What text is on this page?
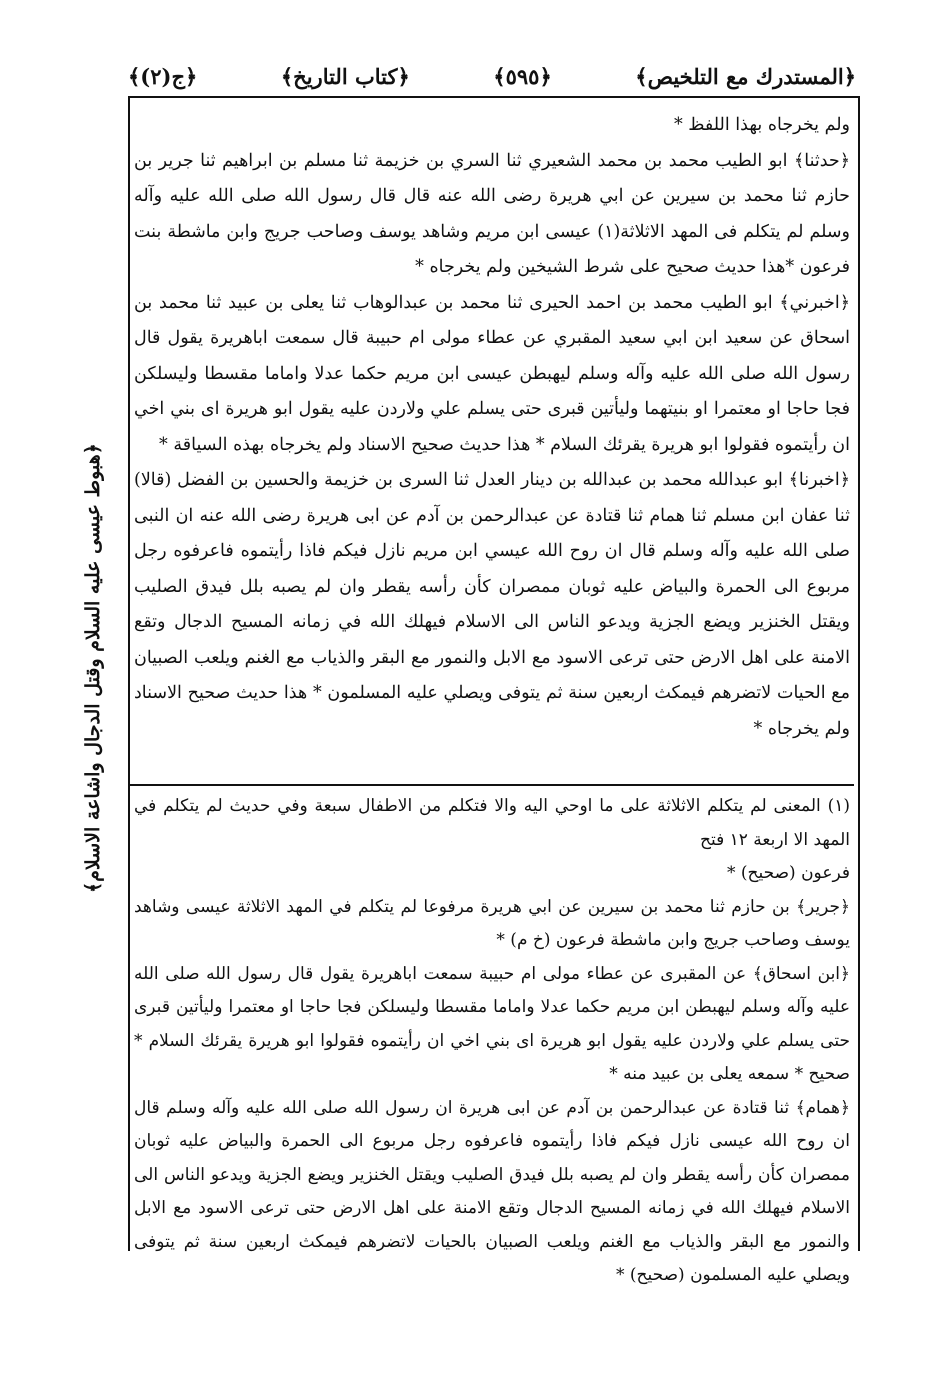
﴿المستدرك مع التلخيص﴾
﴿٥٩٥﴾
﴿كتاب التاريخ﴾
﴿ج(٢)﴾
﴿هبوط عيسى عليه السلام وقتل الدجال واشاعة الاسلام﴾

ولم يخرجاه بهذا اللفظ *

﴿حدثنا﴾ ابو الطيب محمد بن محمد الشعيري ثنا السري بن خزيمة ثنا مسلم بن ابراهيم ثنا جرير بن حازم ثنا محمد بن سيرين عن ابي هريرة رضى الله عنه قال قال رسول الله صلى الله عليه وآله وسلم لم يتكلم فى المهد الاثلاثة(١) عيسى ابن مريم وشاهد يوسف وصاحب جريج وابن ماشطة بنت فرعون *هذا حديث صحيح على شرط الشيخين ولم يخرجاه *

﴿اخبرني﴾ ابو الطيب محمد بن احمد الحيرى ثنا محمد بن عبدالوهاب ثنا يعلى بن عبيد ثنا محمد بن اسحاق عن سعيد ابن ابي سعيد المقبري عن عطاء مولى ام حبيبة قال سمعت اباهريرة يقول قال رسول الله صلى الله عليه وآله وسلم ليهبطن عيسى ابن مريم حكما عدلا واماما مقسطا وليسلكن فجا حاجا او معتمرا او بنيتهما وليأتين قبرى حتى يسلم علي ولاردن عليه يقول ابو هريرة اى بني اخي ان رأيتموه فقولوا ابو هريرة يقرئك السلام * هذا حديث صحيح الاسناد ولم يخرجاه بهذه السياقة *

﴿اخبرنا﴾ ابو عبدالله محمد بن عبدالله بن دينار العدل ثنا السرى بن خزيمة والحسين بن الفضل (قالا) ثنا عفان ابن مسلم ثنا همام ثنا قتادة عن عبدالرحمن بن آدم عن ابى هريرة رضى الله عنه ان النبى صلى الله عليه وآله وسلم قال ان روح الله عيسي ابن مريم نازل فيكم فاذا رأيتموه فاعرفوه رجل مربوع الى الحمرة والبياض عليه ثوبان ممصران كأن رأسه يقطر وان لم يصبه بلل فيدق الصليب ويقتل الخنزير ويضع الجزية ويدعو الناس الى الاسلام فيهلك الله في زمانه المسيح الدجال وتقع الامنة على اهل الارض حتى ترعى الاسود مع الابل والنمور مع البقر والذياب مع الغنم ويلعب الصبيان مع الحيات لاتضرهم فيمكث اربعين سنة ثم يتوفى ويصلي عليه المسلمون * هذا حديث صحيح الاسناد ولم يخرجاه *

(١) المعنى لم يتكلم الاثلاثة على ما اوحي اليه والا فتكلم من الاطفال سبعة وفي حديث لم يتكلم في المهد الا اربعة ١٢ فتح

فرعون (صحيح) *

﴿جرير﴾ بن حازم ثنا محمد بن سيرين عن ابي هريرة مرفوعا لم يتكلم في المهد الاثلاثة عيسى وشاهد يوسف وصاحب جريج وابن ماشطة فرعون (خ م) *

﴿ابن اسحاق﴾ عن المقبرى عن عطاء مولى ام حبيبة سمعت اباهريرة يقول قال رسول الله صلى الله عليه وآله وسلم ليهبطن ابن مريم حكما عدلا واماما مقسطا وليسلكن فجا حاجا او معتمرا وليأتين قبرى حتى يسلم علي ولاردن عليه يقول ابو هريرة اى بني اخي ان رأيتموه فقولوا ابو هريرة يقرئك السلام * صحيح * سمعه يعلى بن عبيد منه *

﴿همام﴾ ثنا قتادة عن عبدالرحمن بن آدم عن ابى هريرة ان رسول الله صلى الله عليه وآله وسلم قال ان روح الله عيسى نازل فيكم فاذا رأيتموه فاعرفوه رجل مربوع الى الحمرة والبياض عليه ثوبان ممصران كأن رأسه يقطر وان لم يصبه بلل فيدق الصليب ويقتل الخنزير ويضع الجزية ويدعو الناس الى الاسلام فيهلك الله في زمانه المسيح الدجال وتقع الامنة على اهل الارض حتى ترعى الاسود مع الابل والنمور مع البقر والذياب مع الغنم ويلعب الصبيان بالحيات لاتضرهم فيمكث اربعين سنة ثم يتوفى ويصلي عليه المسلمون (صحيح) *
